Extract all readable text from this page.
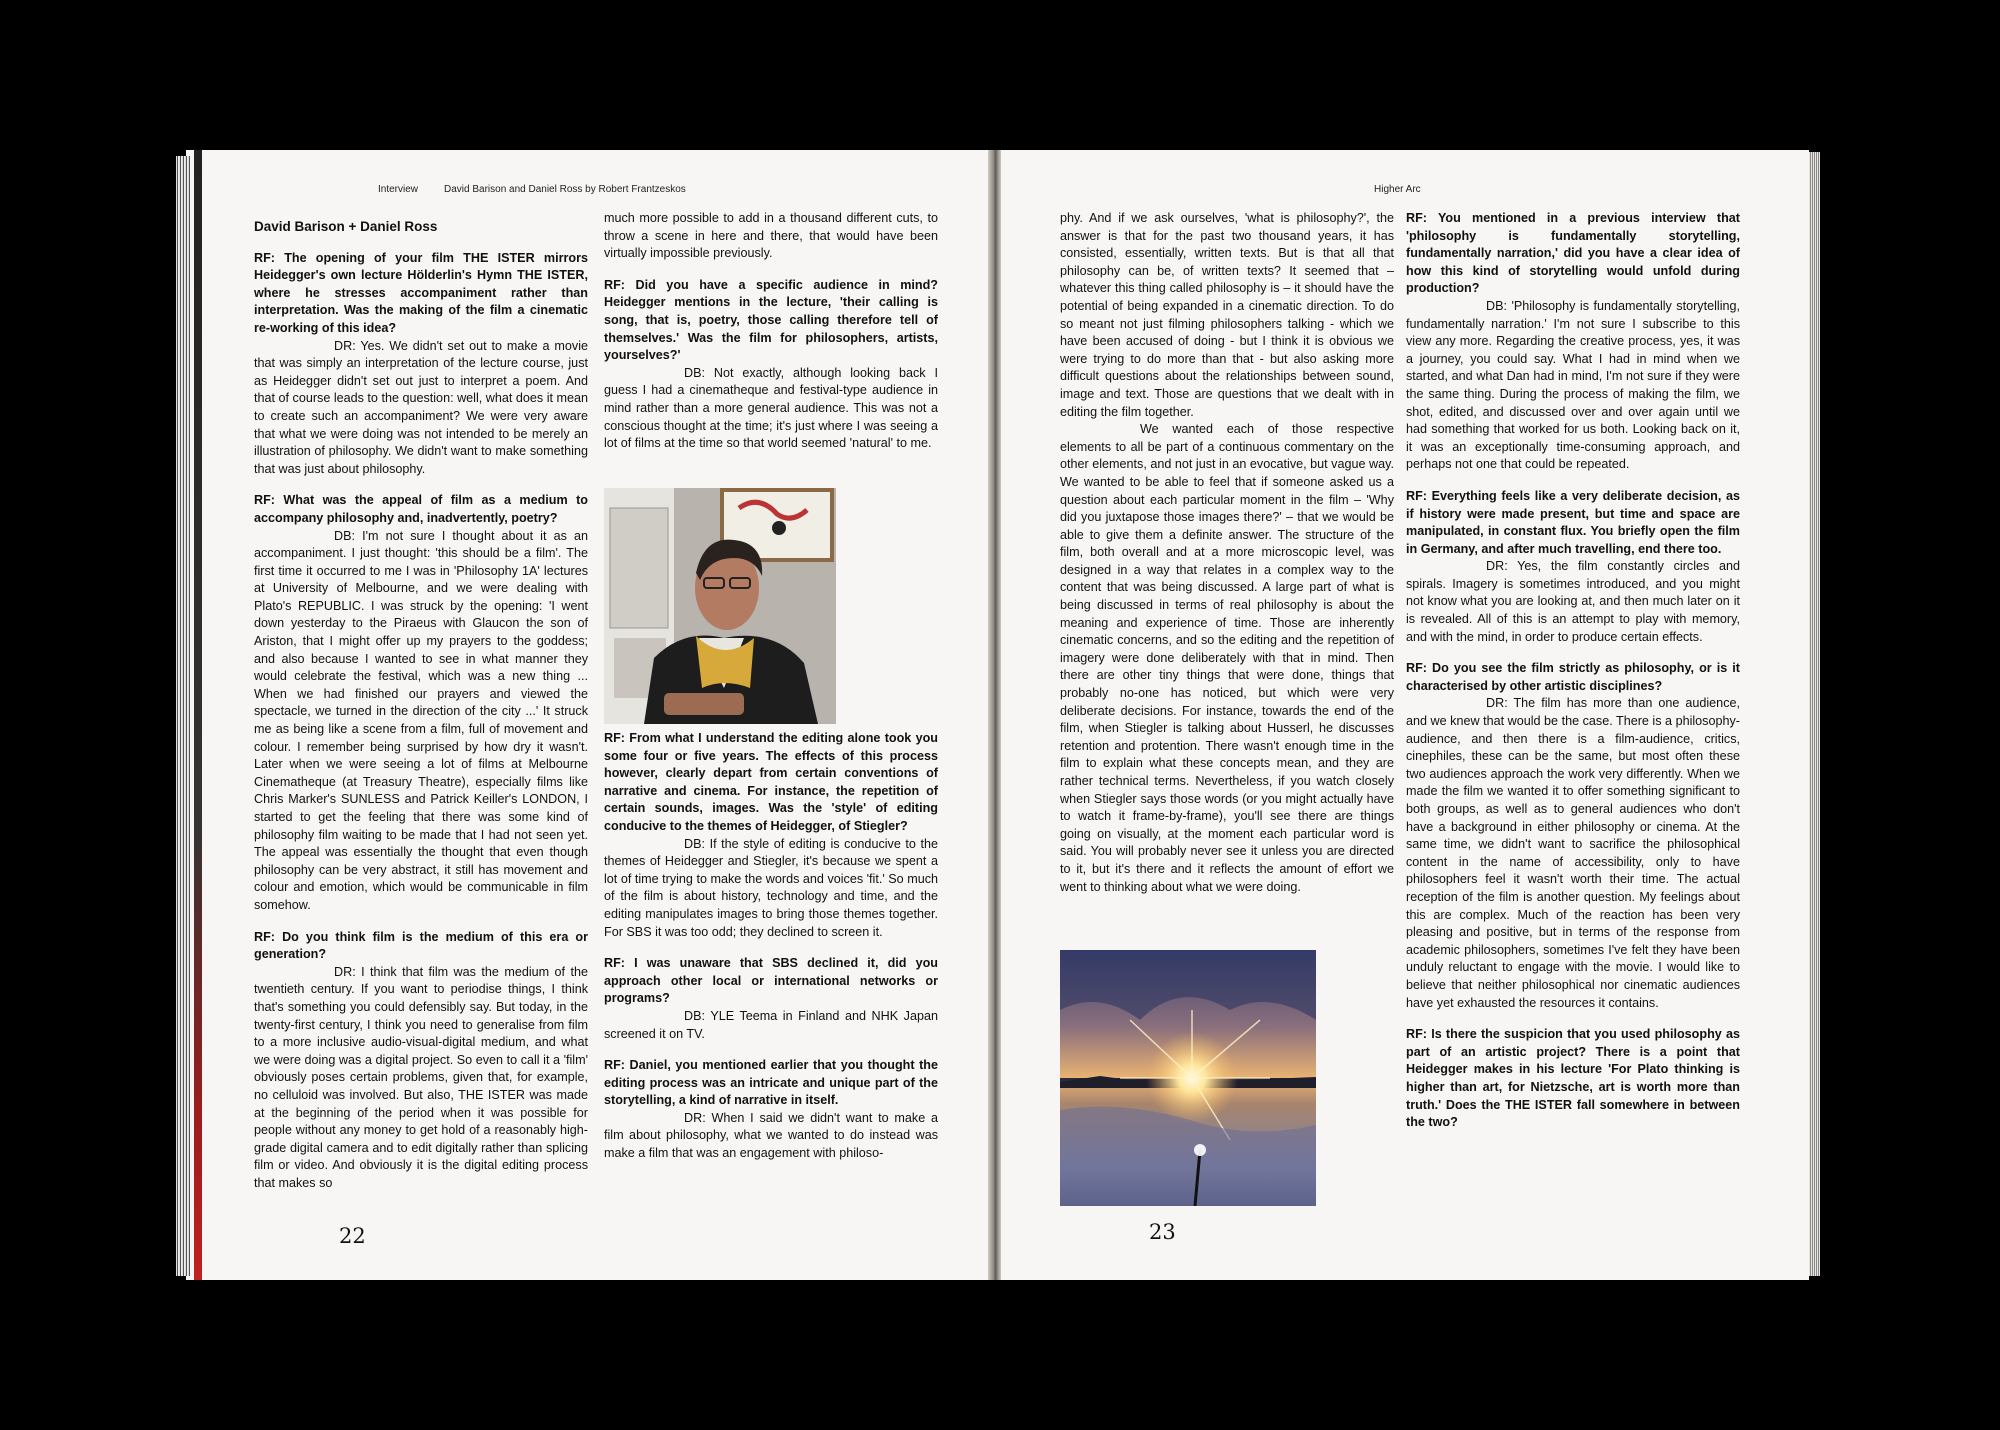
Interview	David Barison and Daniel Ross by Robert Frantzeskos

David Barison + Daniel Ross

RF: The opening of your film THE ISTER mirrors Heidegger's own lecture Hölderlin's Hymn THE ISTER, where he stresses accompaniment rather than interpretation. Was the making of the film a cinematic re-working of this idea?

DR: Yes. We didn't set out to make a movie that was simply an interpretation of the lecture course, just as Heidegger didn't set out just to interpret a poem. And that of course leads to the question: well, what does it mean to create such an accompaniment? We were very aware that what we were doing was not intended to be merely an illustration of philosophy. We didn't want to make something that was just about philosophy.

RF: What was the appeal of film as a medium to accompany philosophy and, inadvertently, poetry?

DB: I'm not sure I thought about it as an accompaniment. I just thought: 'this should be a film'. The first time it occurred to me I was in 'Philosophy 1A' lectures at University of Melbourne, and we were dealing with Plato's REPUBLIC. I was struck by the opening: 'I went down yesterday to the Piraeus with Glaucon the son of Ariston, that I might offer up my prayers to the goddess; and also because I wanted to see in what manner they would celebrate the festival, which was a new thing ... When we had finished our prayers and viewed the spectacle, we turned in the direction of the city ...' It struck me as being like a scene from a film, full of movement and colour. I remember being surprised by how dry it wasn't. Later when we were seeing a lot of films at Melbourne Cinematheque (at Treasury Theatre), especially films like Chris Marker's SUNLESS and Patrick Keiller's LONDON, I started to get the feeling that there was some kind of philosophy film waiting to be made that I had not seen yet. The appeal was essentially the thought that even though philosophy can be very abstract, it still has movement and colour and emotion, which would be communicable in film somehow.

RF: Do you think film is the medium of this era or generation?

DR: I think that film was the medium of the twentieth century. If you want to periodise things, I think that's something you could defensibly say. But today, in the twenty-first century, I think you need to generalise from film to a more inclusive audio-visual-digital medium, and what we were doing was a digital project. So even to call it a 'film' obviously poses certain problems, given that, for example, no celluloid was involved. But also, THE ISTER was made at the beginning of the period when it was possible for people without any money to get hold of a reasonably high-grade digital camera and to edit digitally rather than splicing film or video. And obviously it is the digital editing process that makes so

much more possible to add in a thousand different cuts, to throw a scene in here and there, that would have been virtually impossible previously.

RF: Did you have a specific audience in mind? Heidegger mentions in the lecture, 'their calling is song, that is, poetry, those calling therefore tell of themselves.' Was the film for philosophers, artists, yourselves?'

DB: Not exactly, although looking back I guess I had a cinematheque and festival-type audience in mind rather than a more general audience. This was not a conscious thought at the time; it's just where I was seeing a lot of films at the time so that world seemed 'natural' to me.

RF: From what I understand the editing alone took you some four or five years. The effects of this process however, clearly depart from certain conventions of narrative and cinema. For instance, the repetition of certain sounds, images. Was the 'style' of editing conducive to the themes of Heidegger, of Stiegler?

DB: If the style of editing is conducive to the themes of Heidegger and Stiegler, it's because we spent a lot of time trying to make the words and voices 'fit.' So much of the film is about history, technology and time, and the editing manipulates images to bring those themes together. For SBS it was too odd; they declined to screen it.

RF: I was unaware that SBS declined it, did you approach other local or international networks or programs?

DB: YLE Teema in Finland and NHK Japan screened it on TV.

RF: Daniel, you mentioned earlier that you thought the editing process was an intricate and unique part of the storytelling, a kind of narrative in itself.

DR: When I said we didn't want to make a film about philosophy, what we wanted to do instead was make a film that was an engagement with philoso-

22
Higher Arc

phy. And if we ask ourselves, 'what is philosophy?', the answer is that for the past two thousand years, it has consisted, essentially, written texts. But is that all that philosophy can be, of written texts? It seemed that – whatever this thing called philosophy is – it should have the potential of being expanded in a cinematic direction. To do so meant not just filming philosophers talking - which we have been accused of doing - but I think it is obvious we were trying to do more than that - but also asking more difficult questions about the relationships between sound, image and text. Those are questions that we dealt with in editing the film together.

We wanted each of those respective elements to all be part of a continuous commentary on the other elements, and not just in an evocative, but vague way. We wanted to be able to feel that if someone asked us a question about each particular moment in the film – 'Why did you juxtapose those images there?' – that we would be able to give them a definite answer. The structure of the film, both overall and at a more microscopic level, was designed in a way that relates in a complex way to the content that was being discussed. A large part of what is being discussed in terms of real philosophy is about the meaning and experience of time. Those are inherently cinematic concerns, and so the editing and the repetition of imagery were done deliberately with that in mind. Then there are other tiny things that were done, things that probably no-one has noticed, but which were very deliberate decisions. For instance, towards the end of the film, when Stiegler is talking about Husserl, he discusses retention and protention. There wasn't enough time in the film to explain what these concepts mean, and they are rather technical terms. Nevertheless, if you watch closely when Stiegler says those words (or you might actually have to watch it frame-by-frame), you'll see there are things going on visually, at the moment each particular word is said. You will probably never see it unless you are directed to it, but it's there and it reflects the amount of effort we went to thinking about what we were doing.

RF: You mentioned in a previous interview that 'philosophy is fundamentally storytelling, fundamentally narration,' did you have a clear idea of how this kind of storytelling would unfold during production?

DB: 'Philosophy is fundamentally storytelling, fundamentally narration.' I'm not sure I subscribe to this view any more. Regarding the creative process, yes, it was a journey, you could say. What I had in mind when we started, and what Dan had in mind, I'm not sure if they were the same thing. During the process of making the film, we shot, edited, and discussed over and over again until we had something that worked for us both. Looking back on it, it was an exceptionally time-consuming approach, and perhaps not one that could be repeated.

RF: Everything feels like a very deliberate decision, as if history were made present, but time and space are manipulated, in constant flux. You briefly open the film in Germany, and after much travelling, end there too.

DR: Yes, the film constantly circles and spirals. Imagery is sometimes introduced, and you might not know what you are looking at, and then much later on it is revealed. All of this is an attempt to play with memory, and with the mind, in order to produce certain effects.

RF: Do you see the film strictly as philosophy, or is it characterised by other artistic disciplines?

DR: The film has more than one audience, and we knew that would be the case. There is a philosophy-audience, and then there is a film-audience, critics, cinephiles, these can be the same, but most often these two audiences approach the work very differently. When we made the film we wanted it to offer something significant to both groups, as well as to general audiences who don't have a background in either philosophy or cinema. At the same time, we didn't want to sacrifice the philosophical content in the name of accessibility, only to have philosophers feel it wasn't worth their time. The actual reception of the film is another question. My feelings about this are complex. Much of the reaction has been very pleasing and positive, but in terms of the response from academic philosophers, sometimes I've felt they have been unduly reluctant to engage with the movie. I would like to believe that neither philosophical nor cinematic audiences have yet exhausted the resources it contains.

RF: Is there the suspicion that you used philosophy as part of an artistic project? There is a point that Heidegger makes in his lecture 'For Plato thinking is higher than art, for Nietzsche, art is worth more than truth.' Does the THE ISTER fall somewhere in between the two?

23
